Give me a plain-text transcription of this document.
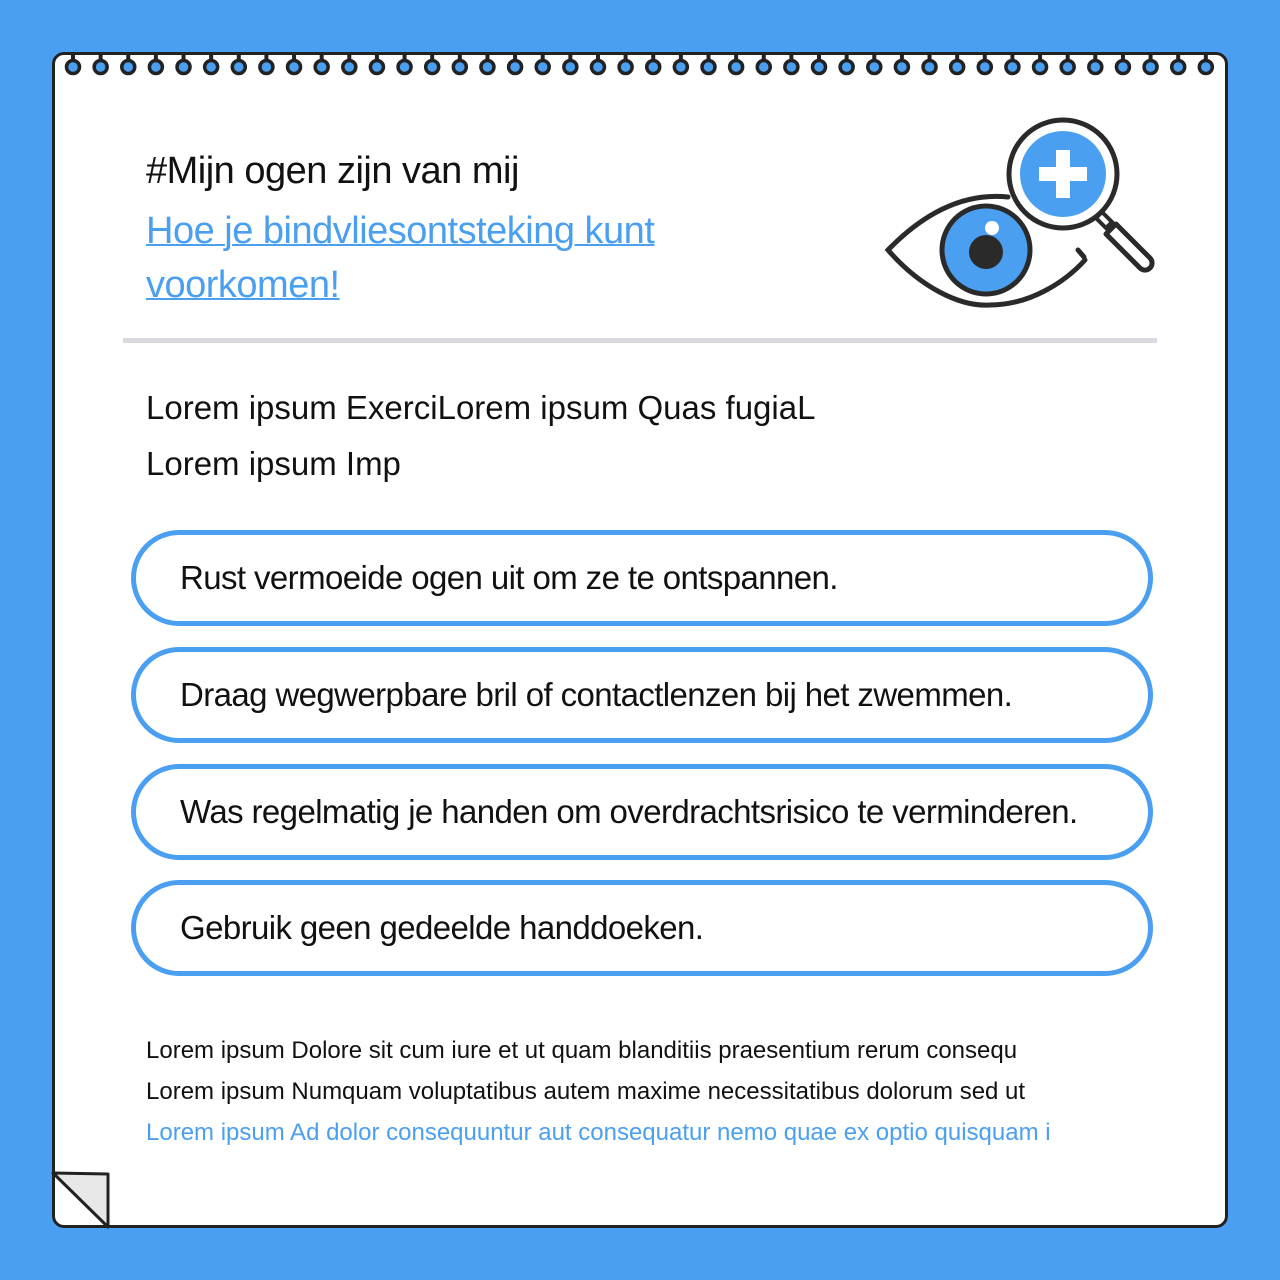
#Mijn ogen zijn van mij
Hoe je bindvliesontsteking kunt voorkomen!
Lorem ipsum ExerciLorem ipsum Quas fugiaL
Lorem ipsum Imp
Rust vermoeide ogen uit om ze te ontspannen.
Draag wegwerpbare bril of contactlenzen bij het zwemmen.
Was regelmatig je handen om overdrachtsrisico te verminderen.
Gebruik geen gedeelde handdoeken.
Lorem ipsum Dolore sit cum iure et ut quam blanditiis praesentium rerum consequ
Lorem ipsum Numquam voluptatibus autem maxime necessitatibus dolorum sed ut
Lorem ipsum Ad dolor consequuntur aut consequatur nemo quae ex optio quisquam i
